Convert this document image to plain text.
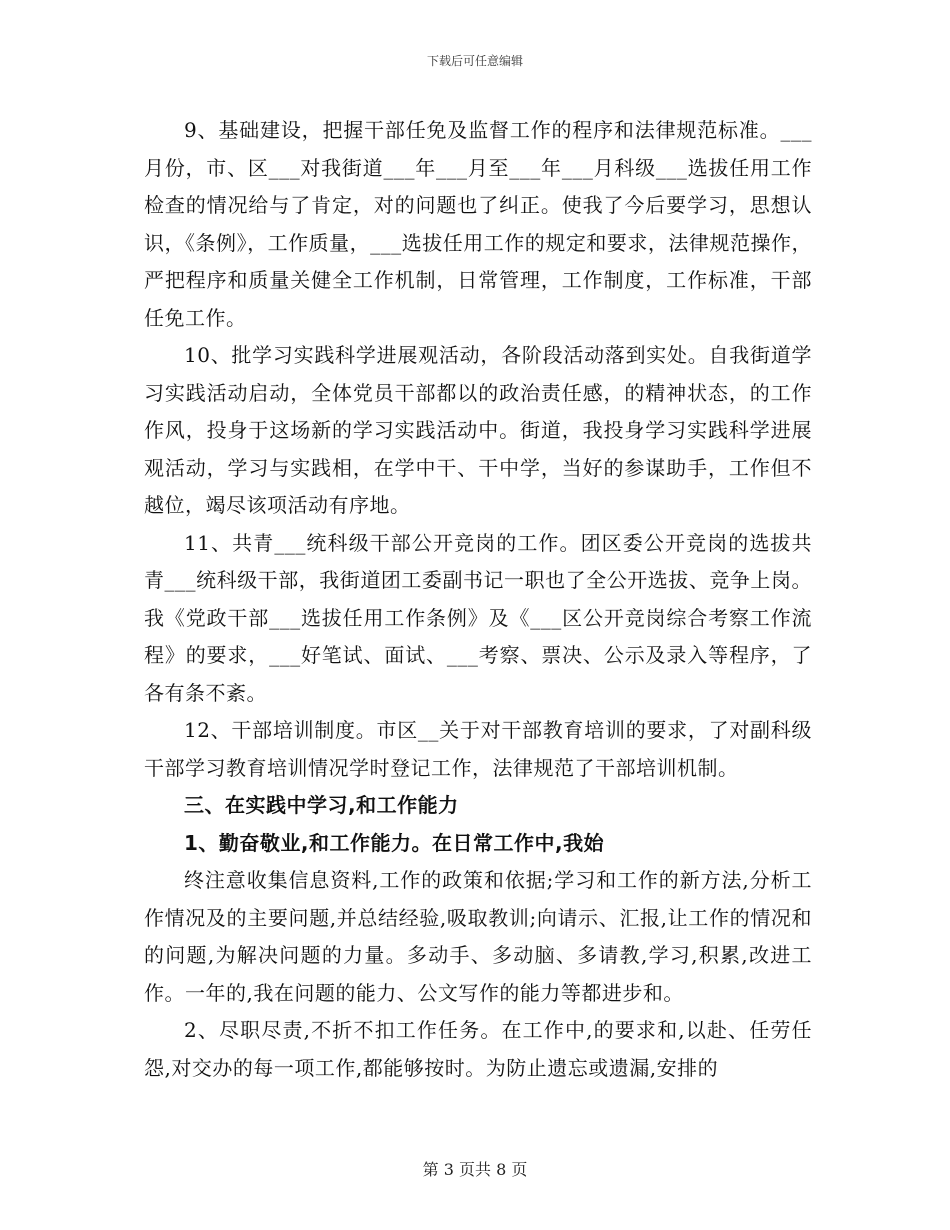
下载后可任意编辑

9、基础建设，把握干部任免及监督工作的程序和法律规范标准。___月份，市、区___对我街道___年___月至___年___月科级___选拔任用工作检查的情况给与了肯定，对的问题也了纠正。使我了今后要学习，思想认识，《条例》，工作质量，___选拔任用工作的规定和要求，法律规范操作，严把程序和质量关健全工作机制，日常管理，工作制度，工作标准，干部任免工作。

10、批学习实践科学进展观活动，各阶段活动落到实处。自我街道学习实践活动启动，全体党员干部都以的政治责任感，的精神状态，的工作作风，投身于这场新的学习实践活动中。街道，我投身学习实践科学进展观活动，学习与实践相，在学中干、干中学，当好的参谋助手，工作但不越位，竭尽该项活动有序地。

11、共青___统科级干部公开竞岗的工作。团区委公开竞岗的选拔共青___统科级干部，我街道团工委副书记一职也了全公开选拔、竞争上岗。我《党政干部___选拔任用工作条例》及《___区公开竞岗综合考察工作流程》的要求，___好笔试、面试、___考察、票决、公示及录入等程序，了各有条不紊。

12、干部培训制度。市区__关于对干部教育培训的要求，了对副科级干部学习教育培训情况学时登记工作，法律规范了干部培训机制。

三、在实践中学习,和工作能力

1、勤奋敬业,和工作能力。在日常工作中,我始

终注意收集信息资料,工作的政策和依据;学习和工作的新方法,分析工作情况及的主要问题,并总结经验,吸取教训;向请示、汇报,让工作的情况和的问题,为解决问题的力量。多动手、多动脑、多请教,学习,积累,改进工作。一年的,我在问题的能力、公文写作的能力等都进步和。

2、尽职尽责,不折不扣工作任务。在工作中,的要求和,以赴、任劳任怨,对交办的每一项工作,都能够按时。为防止遗忘或遗漏,安排的

第 3 页共 8 页
